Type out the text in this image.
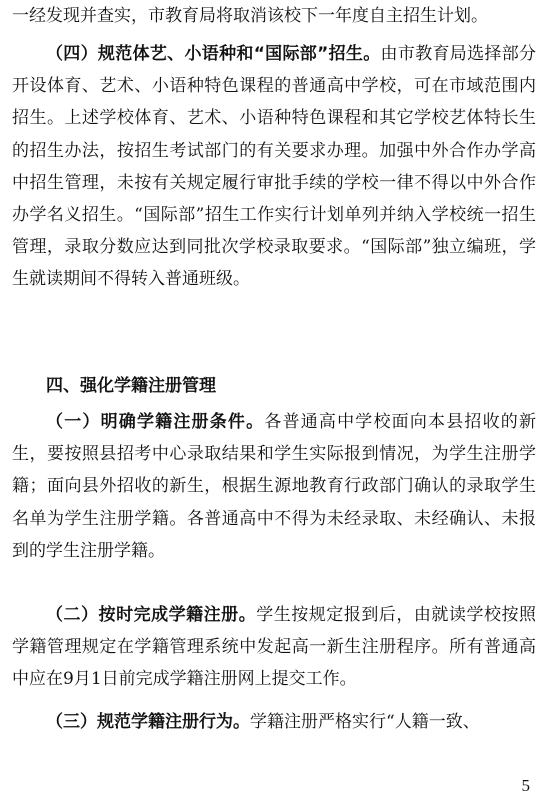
一经发现并查实，市教育局将取消该校下一年度自主招生计划。

（四）规范体艺、小语种和“国际部”招生。由市教育局选择部分开设体育、艺术、小语种特色课程的普通高中学校，可在市域范围内招生。上述学校体育、艺术、小语种特色课程和其它学校艺体特长生的招生办法，按招生考试部门的有关要求办理。加强中外合作办学高中招生管理，未按有关规定履行审批手续的学校一律不得以中外合作办学名义招生。“国际部”招生工作实行计划单列并纳入学校统一招生管理，录取分数应达到同批次学校录取要求。“国际部”独立编班，学生就读期间不得转入普通班级。

四、强化学籍注册管理

（一）明确学籍注册条件。各普通高中学校面向本县招收的新生，要按照县招考中心录取结果和学生实际报到情况，为学生注册学籍；面向县外招收的新生，根据生源地教育行政部门确认的录取学生名单为学生注册学籍。各普通高中不得为未经录取、未经确认、未报到的学生注册学籍。

（二）按时完成学籍注册。学生按规定报到后，由就读学校按照学籍管理规定在学籍管理系统中发起高一新生注册程序。所有普通高中应在9月1日前完成学籍注册网上提交工作。

（三）规范学籍注册行为。学籍注册严格实行“人籍一致、

5
